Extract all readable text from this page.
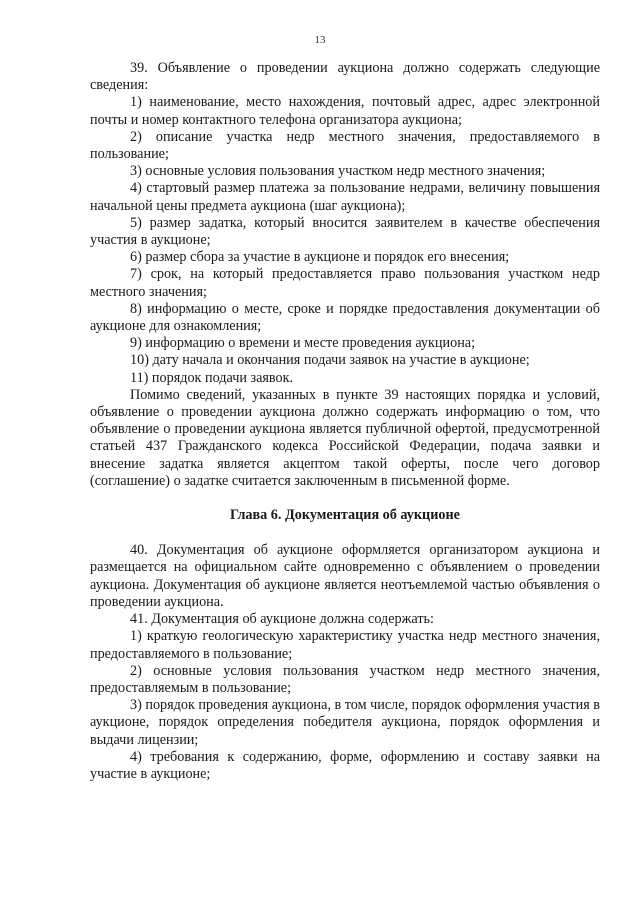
13

39. Объявление о проведении аукциона должно содержать следующие сведения:

1) наименование, место нахождения, почтовый адрес, адрес электронной почты и номер контактного телефона организатора аукциона;

2) описание участка недр местного значения, предоставляемого в пользование;

3) основные условия пользования участком недр местного значения;

4) стартовый размер платежа за пользование недрами, величину повышения начальной цены предмета аукциона (шаг аукциона);

5) размер задатка, который вносится заявителем в качестве обеспечения участия в аукционе;

6) размер сбора за участие в аукционе и порядок его внесения;

7) срок, на который предоставляется право пользования участком недр местного значения;

8) информацию о месте, сроке и порядке предоставления документации об аукционе для ознакомления;

9) информацию о времени и месте проведения аукциона;

10) дату начала и окончания подачи заявок на участие в аукционе;

11) порядок подачи заявок.

Помимо сведений, указанных в пункте 39 настоящих порядка и условий, объявление о проведении аукциона должно содержать информацию о том, что объявление о проведении аукциона является публичной офертой, предусмотренной статьей 437 Гражданского кодекса Российской Федерации, подача заявки и внесение задатка является акцептом такой оферты, после чего договор (соглашение) о задатке считается заключенным в письменной форме.

Глава 6. Документация об аукционе

40. Документация об аукционе оформляется организатором аукциона и размещается на официальном сайте одновременно с объявлением о проведении аукциона. Документация об аукционе является неотъемлемой частью объявления о проведении аукциона.

41. Документация об аукционе должна содержать:

1) краткую геологическую характеристику участка недр местного значения, предоставляемого в пользование;

2) основные условия пользования участком недр местного значения, предоставляемым в пользование;

3) порядок проведения аукциона, в том числе, порядок оформления участия в аукционе, порядок определения победителя аукциона, порядок оформления и выдачи лицензии;

4) требования к содержанию, форме, оформлению и составу заявки на участие в аукционе;
